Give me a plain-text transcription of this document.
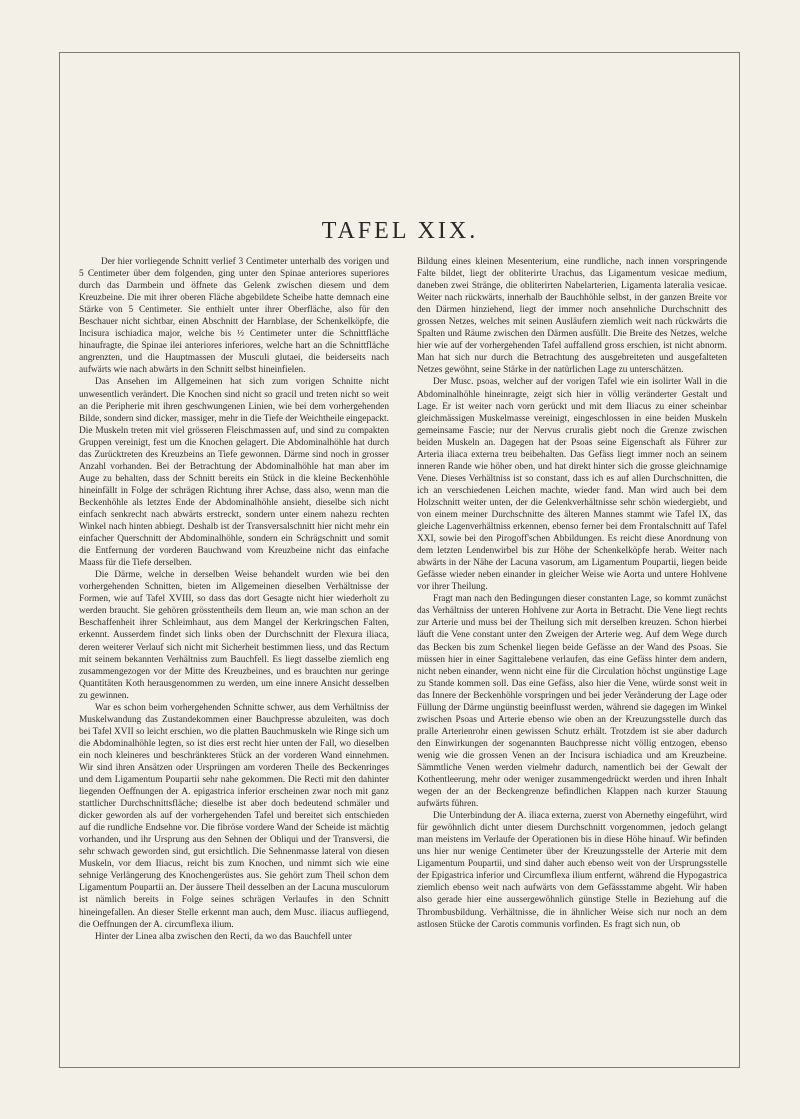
TAFEL XIX.

Der hier vorliegende Schnitt verlief 3 Centimeter unterhalb des vorigen und 5 Centimeter über dem folgenden, ging unter den Spinae anteriores superiores durch das Darmbein und öffnete das Gelenk zwischen diesem und dem Kreuzbeine. Die mit ihrer oberen Fläche abgebildete Scheibe hatte demnach eine Stärke von 5 Centimeter. Sie enthielt unter ihrer Oberfläche, also für den Beschauer nicht sichtbar, einen Abschnitt der Harnblase, der Schenkelköpfe, die Incisura ischiadica major, welche bis ½ Centimeter unter die Schnittfläche hinaufragte, die Spinae ilei anteriores inferiores, welche hart an die Schnittfläche angrenzten, und die Hauptmassen der Musculi glutaei, die beiderseits nach aufwärts wie nach abwärts in den Schnitt selbst hineinfielen.

Das Ansehen im Allgemeinen hat sich zum vorigen Schnitte nicht unwesentlich verändert. Die Knochen sind nicht so gracil und treten nicht so weit an die Peripherie mit ihren geschwungenen Linien, wie bei dem vorhergehenden Bilde, sondern sind dicker, massiger, mehr in die Tiefe der Weichtheile eingepackt. Die Muskeln treten mit viel grösseren Fleischmassen auf, und sind zu compakten Gruppen vereinigt, fest um die Knochen gelagert. Die Abdominalhöhle hat durch das Zurücktreten des Kreuzbeins an Tiefe gewonnen. Därme sind noch in grosser Anzahl vorhanden. Bei der Betrachtung der Abdominalhöhle hat man aber im Auge zu behalten, dass der Schnitt bereits ein Stück in die kleine Beckenhöhle hineinfällt in Folge der schrägen Richtung ihrer Achse, dass also, wenn man die Beckenhöhle als letztes Ende der Abdominalhöhle ansieht, dieselbe sich nicht einfach senkrecht nach abwärts erstreckt, sondern unter einem nahezu rechten Winkel nach hinten abbiegt. Deshalb ist der Transversalschnitt hier nicht mehr ein einfacher Querschnitt der Abdominalhöhle, sondern ein Schrägschnitt und somit die Entfernung der vorderen Bauchwand vom Kreuzbeine nicht das einfache Maass für die Tiefe derselben.

Die Därme, welche in derselben Weise behandelt wurden wie bei den vorhergehenden Schnitten, bieten im Allgemeinen dieselben Verhältnisse der Formen, wie auf Tafel XVIII, so dass das dort Gesagte nicht hier wiederholt zu werden braucht. Sie gehören grösstentheils dem Ileum an, wie man schon an der Beschaffenheit ihrer Schleimhaut, aus dem Mangel der Kerkringschen Falten, erkennt. Ausserdem findet sich links oben der Durchschnitt der Flexura iliaca, deren weiterer Verlauf sich nicht mit Sicherheit bestimmen liess, und das Rectum mit seinem bekannten Verhältniss zum Bauchfell. Es liegt dasselbe ziemlich eng zusammengezogen vor der Mitte des Kreuzbeines, und es brauchten nur geringe Quantitäten Koth herausgenommen zu werden, um eine innere Ansicht desselben zu gewinnen.

War es schon beim vorhergehenden Schnitte schwer, aus dem Verhältniss der Muskelwandung das Zustandekommen einer Bauchpresse abzuleiten, was doch bei Tafel XVII so leicht erschien, wo die platten Bauchmuskeln wie Ringe sich um die Abdominalhöhle legten, so ist dies erst recht hier unten der Fall, wo dieselben ein noch kleineres und beschränkteres Stück an der vorderen Wand einnehmen. Wir sind ihren Ansätzen oder Ursprüngen am vorderen Theile des Beckenringes und dem Ligamentum Poupartii sehr nahe gekommen. Die Recti mit den dahinter liegenden Oeffnungen der A. epigastrica inferior erscheinen zwar noch mit ganz stattlicher Durchschnittsfläche; dieselbe ist aber doch bedeutend schmäler und dicker geworden als auf der vorhergehenden Tafel und bereitet sich entschieden auf die rundliche Endsehne vor. Die fibröse vordere Wand der Scheide ist mächtig vorhanden, und ihr Ursprung aus den Sehnen der Obliqui und der Transversi, die sehr schwach geworden sind, gut ersichtlich. Die Sehnenmasse lateral von diesen Muskeln, vor dem Iliacus, reicht bis zum Knochen, und nimmt sich wie eine sehnige Verlängerung des Knochengerüstes aus. Sie gehört zum Theil schon dem Ligamentum Poupartii an. Der äussere Theil desselben an der Lacuna musculorum ist nämlich bereits in Folge seines schrägen Verlaufes in den Schnitt hineingefallen. An dieser Stelle erkennt man auch, dem Musc. iliacus aufliegend, die Oeffnungen der A. circumflexa ilium.

Hinter der Linea alba zwischen den Recti, da wo das Bauchfell unter

Bildung eines kleinen Mesenterium, eine rundliche, nach innen vorspringende Falte bildet, liegt der obliterirte Urachus, das Ligamentum vesicae medium, daneben zwei Stränge, die obliterirten Nabelarterien, Ligamenta lateralia vesicae. Weiter nach rückwärts, innerhalb der Bauchhöhle selbst, in der ganzen Breite vor den Därmen hinziehend, liegt der immer noch ansehnliche Durchschnitt des grossen Netzes, welches mit seinen Ausläufern ziemlich weit nach rückwärts die Spalten und Räume zwischen den Därmen ausfüllt. Die Breite des Netzes, welche hier wie auf der vorhergehenden Tafel auffallend gross erschien, ist nicht abnorm. Man hat sich nur durch die Betrachtung des ausgebreiteten und ausgefalteten Netzes gewöhnt, seine Stärke in der natürlichen Lage zu unterschätzen.

Der Musc. psoas, welcher auf der vorigen Tafel wie ein isolirter Wall in die Abdominalhöhle hineinragte, zeigt sich hier in völlig veränderter Gestalt und Lage. Er ist weiter nach vorn gerückt und mit dem Iliacus zu einer scheinbar gleichmässigen Muskelmasse vereinigt, eingeschlossen in eine beiden Muskeln gemeinsame Fascie; nur der Nervus cruralis giebt noch die Grenze zwischen beiden Muskeln an. Dagegen hat der Psoas seine Eigenschaft als Führer zur Arteria iliaca externa treu beibehalten. Das Gefäss liegt immer noch an seinem inneren Rande wie höher oben, und hat direkt hinter sich die grosse gleichnamige Vene. Dieses Verhältniss ist so constant, dass ich es auf allen Durchschnitten, die ich an verschiedenen Leichen machte, wieder fand. Man wird auch bei dem Holzschnitt weiter unten, der die Gelenkverhältnisse sehr schön wiedergiebt, und von einem meiner Durchschnitte des älteren Mannes stammt wie Tafel IX, das gleiche Lagenverhältniss erkennen, ebenso ferner bei dem Frontalschnitt auf Tafel XXI, sowie bei den Pirogoff'schen Abbildungen. Es reicht diese Anordnung von dem letzten Lendenwirbel bis zur Höhe der Schenkelköpfe herab. Weiter nach abwärts in der Nähe der Lacuna vasorum, am Ligamentum Poupartii, liegen beide Gefässe wieder neben einander in gleicher Weise wie Aorta und untere Hohlvene vor ihrer Theilung.

Fragt man nach den Bedingungen dieser constanten Lage, so kommt zunächst das Verhältniss der unteren Hohlvene zur Aorta in Betracht. Die Vene liegt rechts zur Arterie und muss bei der Theilung sich mit derselben kreuzen. Schon hierbei läuft die Vene constant unter den Zweigen der Arterie weg. Auf dem Wege durch das Becken bis zum Schenkel liegen beide Gefässe an der Wand des Psoas. Sie müssen hier in einer Sagittalebene verlaufen, das eine Gefäss hinter dem andern, nicht neben einander, wenn nicht eine für die Circulation höchst ungünstige Lage zu Stande kommen soll. Das eine Gefäss, also hier die Vene, würde sonst weit in das Innere der Beckenhöhle vorspringen und bei jeder Veränderung der Lage oder Füllung der Därme ungünstig beeinflusst werden, während sie dagegen im Winkel zwischen Psoas und Arterie ebenso wie oben an der Kreuzungsstelle durch das pralle Arterienrohr einen gewissen Schutz erhält. Trotzdem ist sie aber dadurch den Einwirkungen der sogenannten Bauchpresse nicht völlig entzogen, ebenso wenig wie die grossen Venen an der Incisura ischiadica und am Kreuzbeine. Sämmtliche Venen werden vielmehr dadurch, namentlich bei der Gewalt der Kothentleerung, mehr oder weniger zusammengedrückt werden und ihren Inhalt wegen der an der Beckengrenze befindlichen Klappen nach kurzer Stauung aufwärts führen.

Die Unterbindung der A. iliaca externa, zuerst von Abernethy eingeführt, wird für gewöhnlich dicht unter diesem Durchschnitt vorgenommen, jedoch gelangt man meistens im Verlaufe der Operationen bis in diese Höhe hinauf. Wir befinden uns hier nur wenige Centimeter über der Kreuzungsstelle der Arterie mit dem Ligamentum Poupartii, und sind daher auch ebenso weit von der Ursprungsstelle der Epigastrica inferior und Circumflexa ilium entfernt, während die Hypogastrica ziemlich ebenso weit nach aufwärts von dem Gefässstamme abgeht. Wir haben also gerade hier eine aussergewöhnlich günstige Stelle in Beziehung auf die Thrombusbildung. Verhältnisse, die in ähnlicher Weise sich nur noch an dem astlosen Stücke der Carotis communis vorfinden. Es fragt sich nun, ob
